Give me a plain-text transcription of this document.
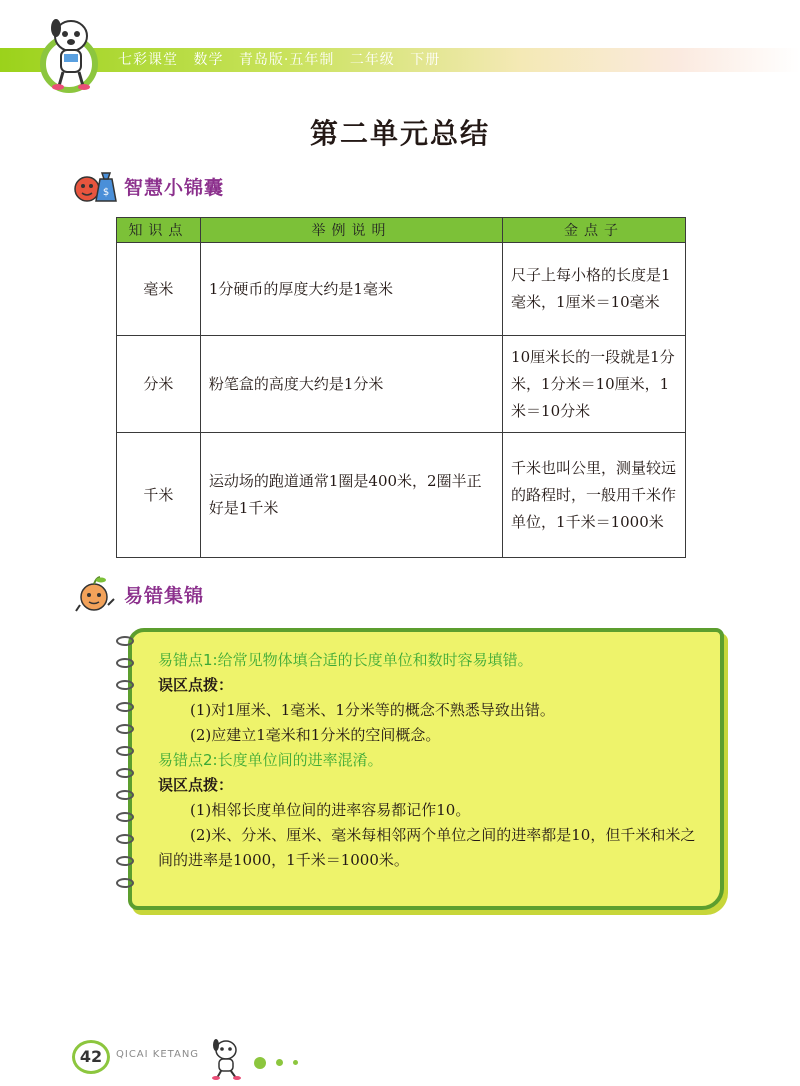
七彩课堂 数学 青岛版·五年制 二年级 下册
第二单元总结
$ 智慧小锦囊
知识点	举例说明	金点子
毫米	1分硬币的厚度大约是1毫米	尺子上每小格的长度是1毫米，1厘米＝10毫米
分米	粉笔盒的高度大约是1分米	10厘米长的一段就是1分米，1分米＝10厘米，1米＝10分米
千米	运动场的跑道通常1圈是400米，2圈半正好是1千米	千米也叫公里，测量较远的路程时，一般用千米作单位，1千米＝1000米
易错集锦
易错点1:给常见物体填合适的长度单位和数时容易填错。
误区点拨：
(1)对1厘米、1毫米、1分米等的概念不熟悉导致出错。
(2)应建立1毫米和1分米的空间概念。
易错点2:长度单位间的进率混淆。
误区点拨：
(1)相邻长度单位间的进率容易都记作10。
(2)米、分米、厘米、毫米每相邻两个单位之间的进率都是10，但千米和米之间的进率是1000，1千米＝1000米。
42	QICAI KETANG
